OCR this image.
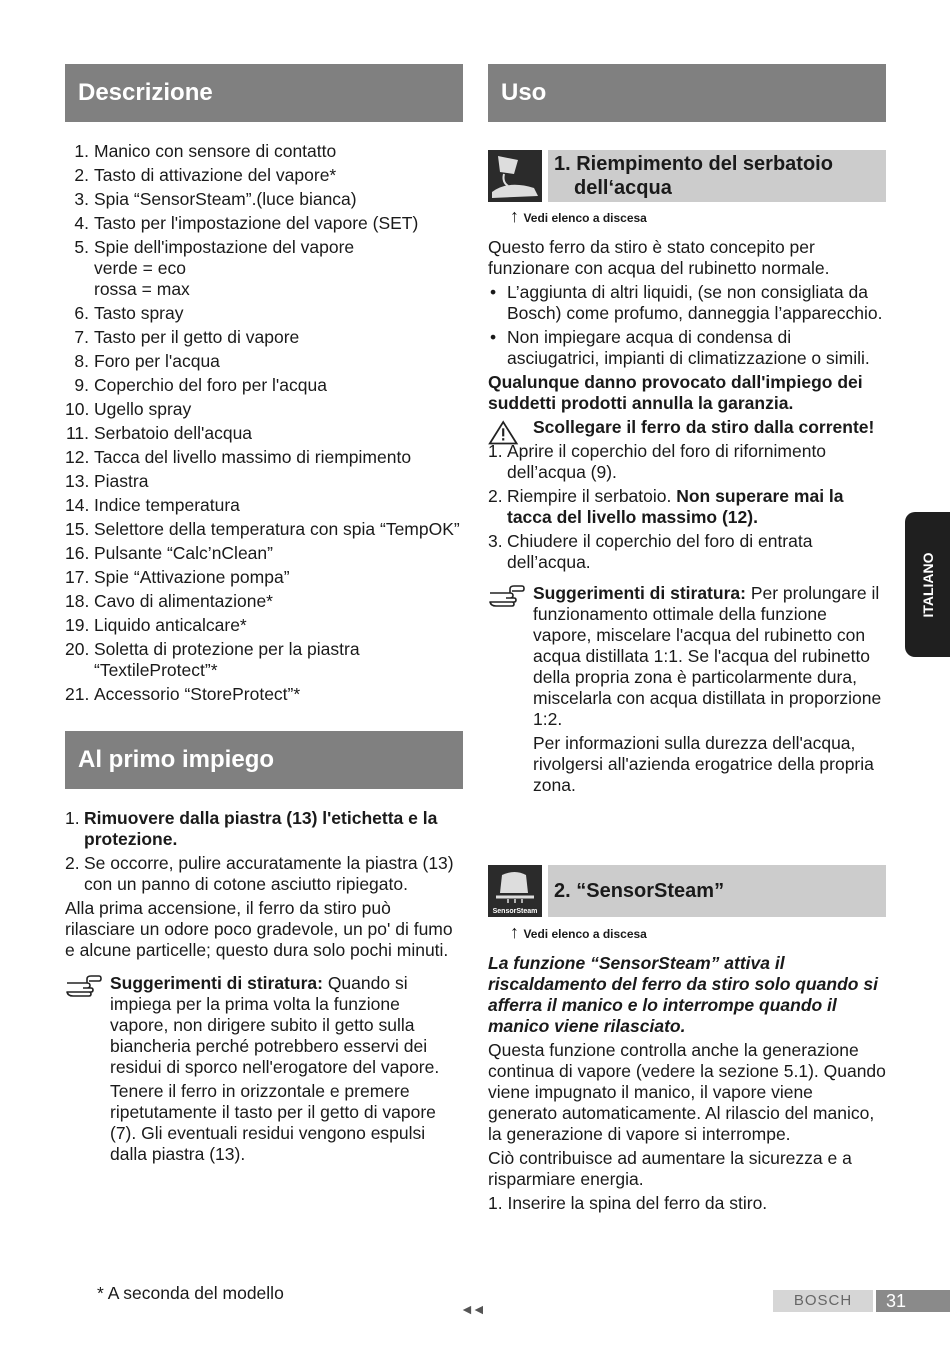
Descrizione
1. Manico con sensore di contatto
2. Tasto di attivazione del vapore*
3. Spia “SensorSteam”.(luce bianca)
4. Tasto per l'impostazione del vapore (SET)
5. Spie dell'impostazione del vapore
verde = eco
rossa = max
6. Tasto spray
7. Tasto per il getto di vapore
8. Foro per l'acqua
9. Coperchio del foro per l'acqua
10. Ugello spray
11. Serbatoio dell'acqua
12. Tacca del livello massimo di riempimento
13. Piastra
14. Indice temperatura
15. Selettore della temperatura con spia “TempOK”
16. Pulsante “Calc’nClean”
17. Spie “Attivazione pompa”
18. Cavo di alimentazione*
19. Liquido anticalcare*
20. Soletta di protezione per la piastra
“TextileProtect”*
21. Accessorio “StoreProtect”*
Al primo impiego
1. Rimuovere dalla piastra (13) l'etichetta e la protezione.
2. Se occorre, pulire accuratamente la piastra (13) con un panno di cotone asciutto ripiegato.
Alla prima accensione, il ferro da stiro può rilasciare un odore poco gradevole, un po' di fumo e alcune particelle; questo dura solo pochi minuti.

Suggerimenti di stiratura: Quando si impiega per la prima volta la funzione vapore, non dirigere subito il getto sulla biancheria perché potrebbero esservi dei residui di sporco nell'erogatore del vapore.

Tenere il ferro in orizzontale e premere ripetutamente il tasto per il getto di vapore (7). Gli eventuali residui vengono espulsi dalla piastra (13).

* A seconda del modello
Uso
1. Riempimento del serbatoio
dell‘acqua
↑ Vedi elenco a discesa
Questo ferro da stiro è stato concepito per funzionare con acqua del rubinetto normale.
• L’aggiunta di altri liquidi, (se non consigliata da Bosch) come profumo, danneggia l’apparecchio.
• Non impiegare acqua di condensa di asciugatrici, impianti di climatizzazione o simili.
Qualunque danno provocato dall'impiego dei suddetti prodotti annulla la garanzia.
Scollegare il ferro da stiro dalla corrente!
1. Aprire il coperchio del foro di rifornimento dell’acqua (9).
2. Riempire il serbatoio. Non superare mai la tacca del livello massimo (12).
3. Chiudere il coperchio del foro di entrata dell’acqua.

Suggerimenti di stiratura: Per prolungare il funzionamento ottimale della funzione vapore, miscelare l'acqua del rubinetto con acqua distillata 1:1. Se l'acqua del rubinetto della propria zona è particolarmente dura, miscelarla con acqua distillata in proporzione 1:2.

Per informazioni sulla durezza dell'acqua, rivolgersi all'azienda erogatrice della propria zona.

SensorSteam
2. “SensorSteam”
↑ Vedi elenco a discesa
La funzione “SensorSteam” attiva il riscaldamento del ferro da stiro solo quando si afferra il manico e lo interrompe quando il manico viene rilasciato.
Questa funzione controlla anche la generazione continua di vapore (vedere la sezione 5.1). Quando viene impugnato il manico, il vapore viene generato automaticamente. Al rilascio del manico, la generazione di vapore si interrompe.
Ciò contribuisce ad aumentare la sicurezza e a risparmiare energia.
1. Inserire la spina del ferro da stiro.
ITALIANO
◄◄	BOSCH	31
